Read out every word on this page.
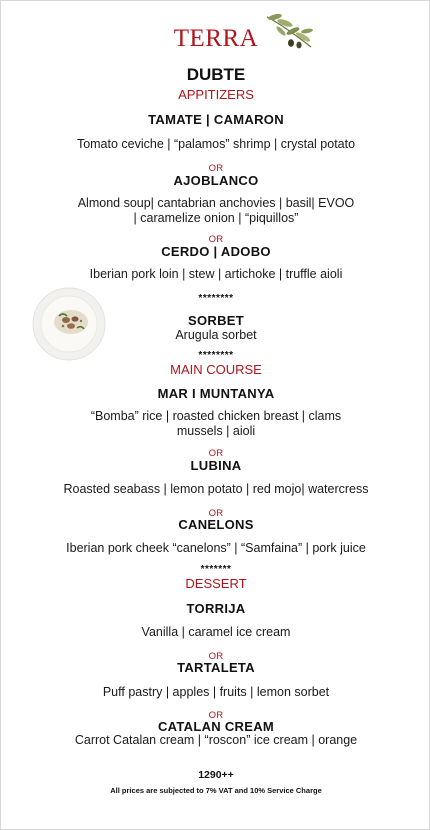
TERRA
DUBTE
APPITIZERS
TAMATE | CAMARON
Tomato ceviche | “palamos” shrimp | crystal potato
OR
AJOBLANCO
Almond soup| cantabrian anchovies | basil| EVOO
| caramelize onion | “piquillos”
OR
CERDO | ADOBO
Iberian pork loin | stew | artichoke | truffle aioli
********
SORBET
Arugula sorbet
********
MAIN COURSE
MAR I MUNTANYA
“Bomba” rice | roasted chicken breast | clams
mussels | aioli
OR
LUBINA
Roasted seabass | lemon potato | red mojo| watercress
OR
CANELONS
Iberian pork cheek “canelons” | “Samfaina” | pork juice
*******
DESSERT
TORRIJA
Vanilla | caramel ice cream
OR
TARTALETA
Puff pastry | apples | fruits | lemon sorbet
OR
CATALAN CREAM
Carrot Catalan cream | “roscon” ice cream | orange
1290++
All prices are subjected to 7% VAT and 10% Service Charge
